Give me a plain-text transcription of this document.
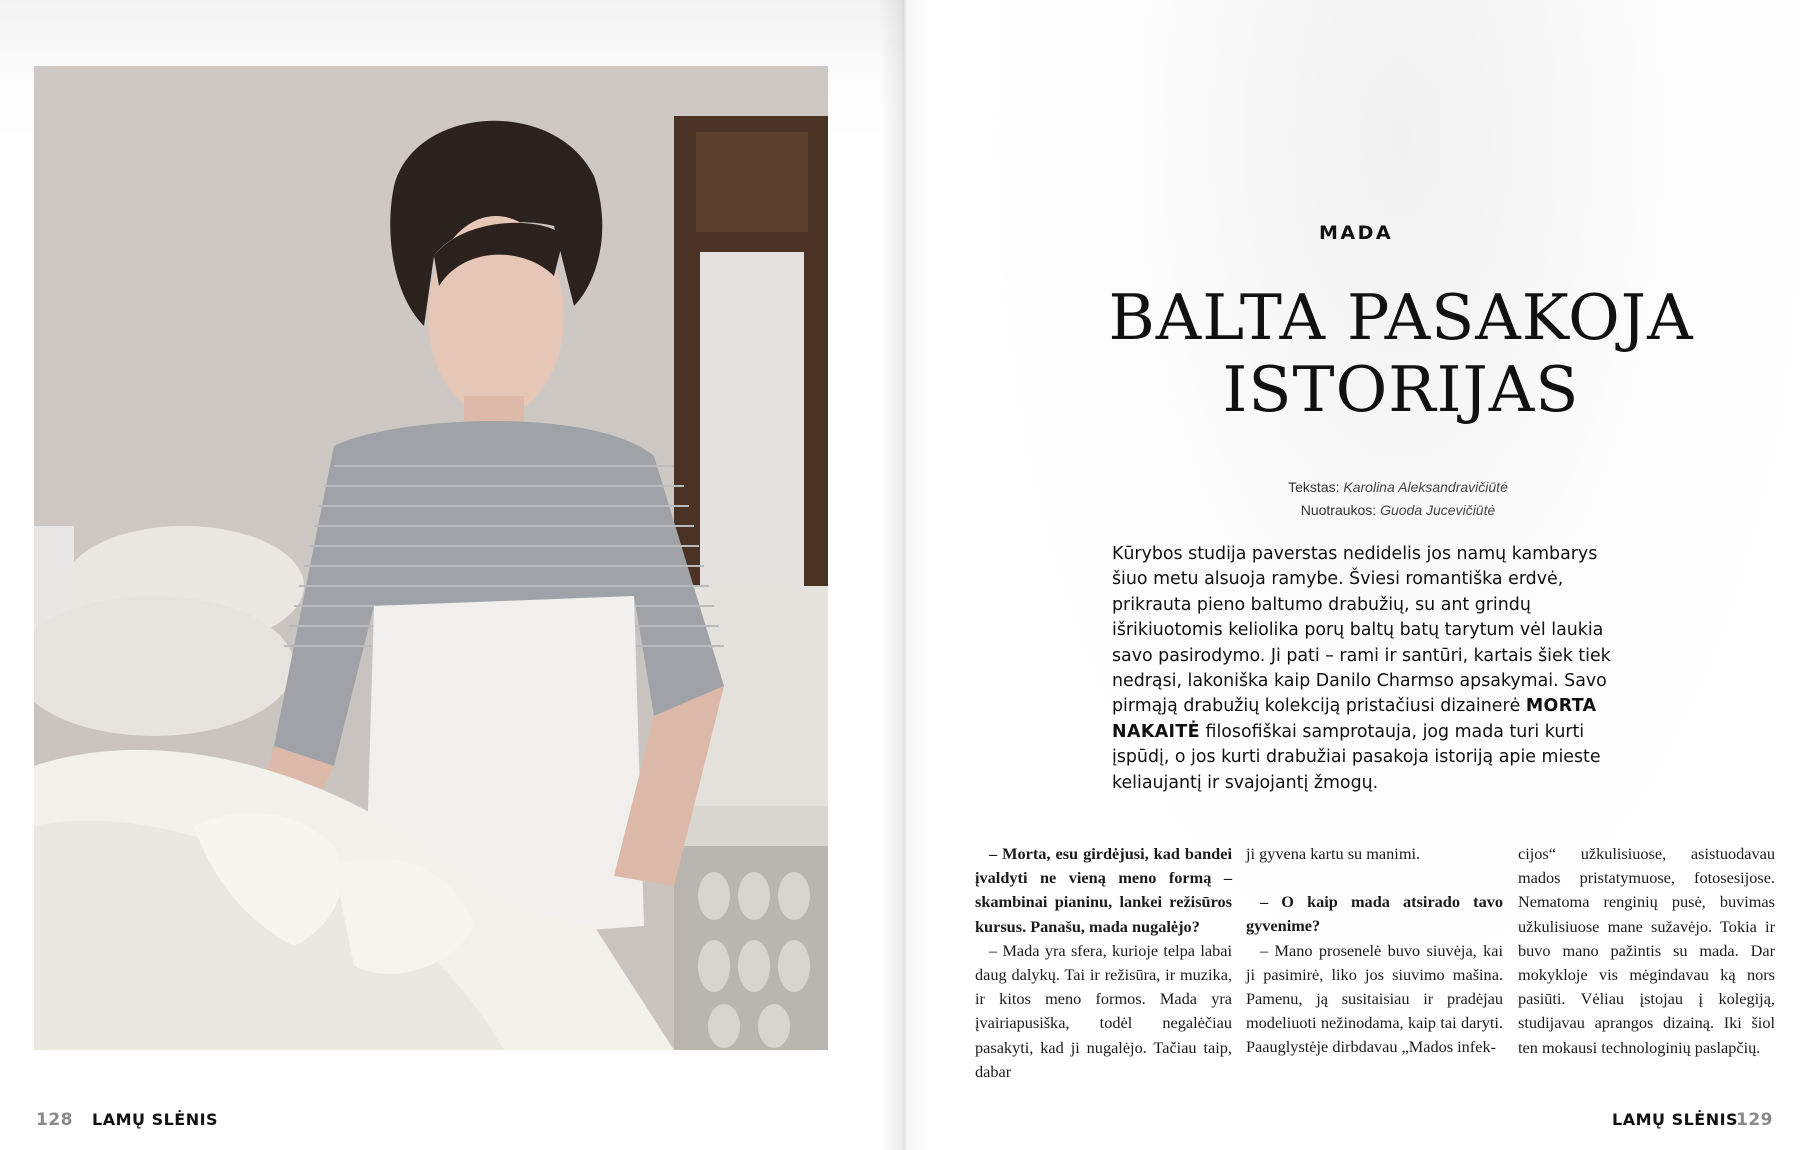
128 LAMŲ SLĖNIS
MADA
BALTA PASAKOJA
ISTORIJAS
Tekstas: Karolina Aleksandravičiūtė
Nuotraukos: Guoda Jucevičiūtė
Kūrybos studija paverstas nedidelis jos namų kambarys šiuo metu alsuoja ramybe. Šviesi romantiška erdvė, prikrauta pieno baltumo drabužių, su ant grindų išrikiuotomis keliolika porų baltų batų tarytum vėl laukia savo pasirodymo. Ji pati – rami ir santūri, kartais šiek tiek nedrąsi, lakoniška kaip Danilo Charmso apsakymai. Savo pirmąją drabužių kolekciją pristačiusi dizainerė MORTA NAKAITĖ filosofiškai samprotauja, jog mada turi kurti įspūdį, o jos kurti drabužiai pasakoja istoriją apie mieste keliaujantį ir svajojantį žmogų.

– Morta, esu girdėjusi, kad bandei įvaldyti ne vieną meno formą – skambinai pianinu, lankei režisūros kursus. Panašu, mada nugalėjo?

– Mada yra sfera, kurioje telpa labai daug dalykų. Tai ir režisūra, ir muzika, ir kitos meno formos. Mada yra įvairiapusiška, todėl negalėčiau pasakyti, kad ji nugalėjo. Tačiau taip, dabar

ji gyvena kartu su manimi.

– O kaip mada atsirado tavo gyvenime?

– Mano prosenelė buvo siuvėja, kai ji pasimirė, liko jos siuvimo mašina. Pamenu, ją susitaisiau ir pradėjau modeliuoti nežinodama, kaip tai daryti. Paauglystėje dirbdavau „Mados infek-

cijos“ užkulisiuose, asistuodavau mados pristatymuose, fotosesijose. Nematoma renginių pusė, buvimas užkulisiuose mane sužavėjo. Tokia ir buvo mano pažintis su mada. Dar mokykloje vis mėgindavau ką nors pasiūti. Vėliau įstojau į kolegiją, studijavau aprangos dizainą. Iki šiol ten mokausi technologinių paslapčių.

LAMŲ SLĖNIS
129
